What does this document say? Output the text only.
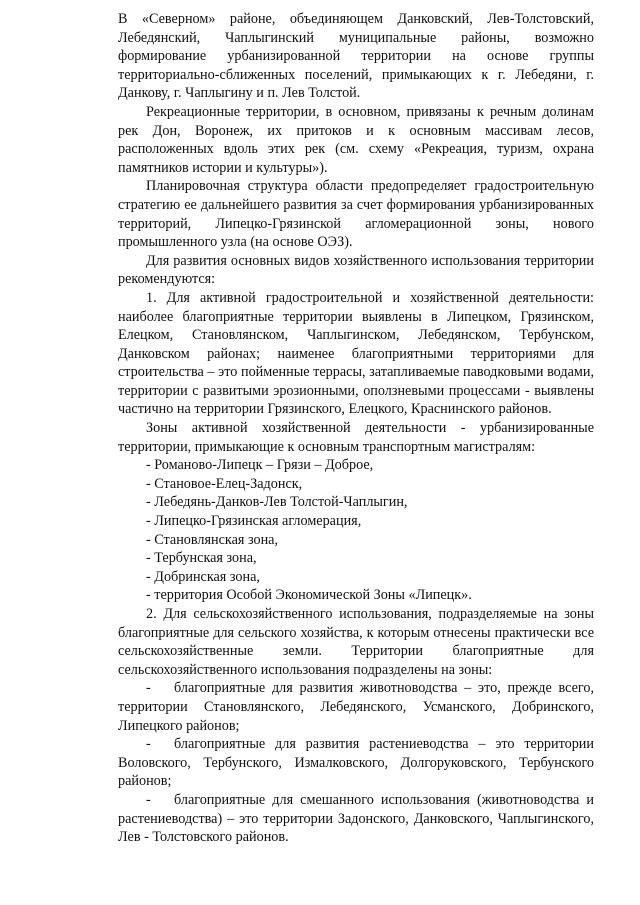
В «Северном» районе, объединяющем Данковский, Лев-Толстовский, Лебедянский, Чаплыгинский муниципальные районы, возможно формирование урбанизированной территории на основе группы территориально-сближенных поселений, примыкающих к г. Лебедяни, г. Данкову, г. Чаплыгину и п. Лев Толстой.

Рекреационные территории, в основном, привязаны к речным долинам рек Дон, Воронеж, их притоков и к основным массивам лесов, расположенных вдоль этих рек (см. схему «Рекреация, туризм, охрана памятников истории и культуры»).

Планировочная структура области предопределяет градостроительную стратегию ее дальнейшего развития за счет формирования урбанизированных территорий, Липецко-Грязинской агломерационной зоны, нового промышленного узла (на основе ОЭЗ).

Для развития основных видов хозяйственного использования территории рекомендуются:

1. Для активной градостроительной и хозяйственной деятельности: наиболее благоприятные территории выявлены в Липецком, Грязинском, Елецком, Становлянском, Чаплыгинском, Лебедянском, Тербунском, Данковском районах; наименее благоприятными территориями для строительства – это пойменные террасы, затапливаемые паводковыми водами, территории с развитыми эрозионными, оползневыми процессами - выявлены частично на территории Грязинского, Елецкого, Краснинского районов.

Зоны активной хозяйственной деятельности - урбанизированные территории, примыкающие к основным транспортным магистралям:

- Романово-Липецк – Грязи – Доброе,
- Становое-Елец-Задонск,
- Лебедянь-Данков-Лев Толстой-Чаплыгин,
- Липецко-Грязинская агломерация,
- Становлянская зона,
- Тербунская зона,
- Добринская зона,
- территория Особой Экономической Зоны «Липецк».

2. Для сельскохозяйственного использования, подразделяемые на зоны благоприятные для сельского хозяйства, к которым отнесены практически все сельскохозяйственные земли. Территории благоприятные для сельскохозяйственного использования подразделены на зоны:

- благоприятные для развития животноводства – это, прежде всего, территории Становлянского, Лебедянского, Усманского, Добринского, Липецкого районов;

- благоприятные для развития растениеводства – это территории Воловского, Тербунского, Измалковского, Долгоруковского, Тербунского районов;

- благоприятные для смешанного использования (животноводства и растениеводства) – это территории Задонского, Данковского, Чаплыгинского, Лев - Толстовского районов.
